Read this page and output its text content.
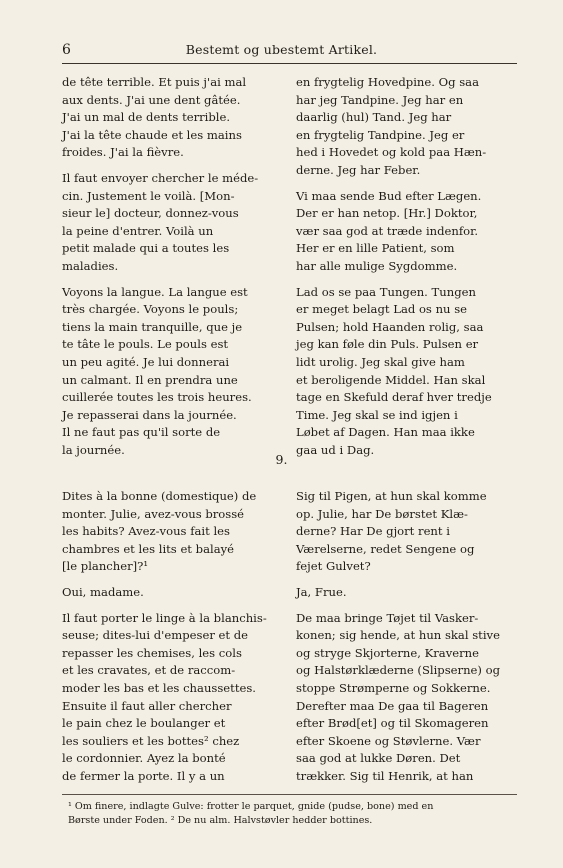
6	Bestemt og ubestemt Artikel.
de tête terrible. Et puis j'ai mal
aux dents. J'ai une dent gâtée.
J'ai un mal de dents terrible.
J'ai la tête chaude et les mains
froides. J'ai la fièvre.
Il faut envoyer chercher le méde-
cin. Justement le voilà. [Mon-
sieur le] docteur, donnez-vous
la peine d'entrer. Voilà un
petit malade qui a toutes les
maladies.
Voyons la langue. La langue est
très chargée. Voyons le pouls;
tiens la main tranquille, que je
te tâte le pouls. Le pouls est
un peu agité. Je lui donnerai
un calmant. Il en prendra une
cuillerée toutes les trois heures.
Je repasserai dans la journée.
Il ne faut pas qu'il sorte de
la journée.
en frygtelig Hovedpine. Og saa
har jeg Tandpine. Jeg har en
daarlig (hul) Tand. Jeg har
en frygtelig Tandpine. Jeg er
hed i Hovedet og kold paa Hæn-
derne. Jeg har Feber.
Vi maa sende Bud efter Lægen.
Der er han netop. [Hr.] Doktor,
vær saa god at træde indenfor.
Her er en lille Patient, som
har alle mulige Sygdomme.
Lad os se paa Tungen. Tungen
er meget belagt Lad os nu se
Pulsen; hold Haanden rolig, saa
jeg kan føle din Puls. Pulsen er
lidt urolig. Jeg skal give ham
et beroligende Middel. Han skal
tage en Skefuld deraf hver tredje
Time. Jeg skal se ind igjen i
Løbet af Dagen. Han maa ikke
gaa ud i Dag.
9.
Dites à la bonne (domestique) de
monter. Julie, avez-vous brossé
les habits? Avez-vous fait les
chambres et les lits et balayé
[le plancher]?¹
Oui, madame.
Il faut porter le linge à la blanchis-
seuse; dites-lui d'empeser et de
repasser les chemises, les cols
et les cravates, et de raccom-
moder les bas et les chaussettes.
Ensuite il faut aller chercher
le pain chez le boulanger et
les souliers et les bottes² chez
le cordonnier. Ayez la bonté
de fermer la porte. Il y a un
Sig til Pigen, at hun skal komme
op. Julie, har De børstet Klæ-
derne? Har De gjort rent i
Værelserne, redet Sengene og
fejet Gulvet?
Ja, Frue.
De maa bringe Tøjet til Vasker-
konen; sig hende, at hun skal stive
og stryge Skjorterne, Kraverne
og Halstørklæderne (Slipserne) og
stoppe Strømperne og Sokkerne.
Derefter maa De gaa til Bageren
efter Brød[et] og til Skomageren
efter Skoene og Støvlerne. Vær
saa god at lukke Døren. Det
trækker. Sig til Henrik, at han
¹ Om finere, indlagte Gulve: frotter le parquet, gnide (pudse, bone) med en
Børste under Foden. ² De nu alm. Halvstøvler hedder bottines.
